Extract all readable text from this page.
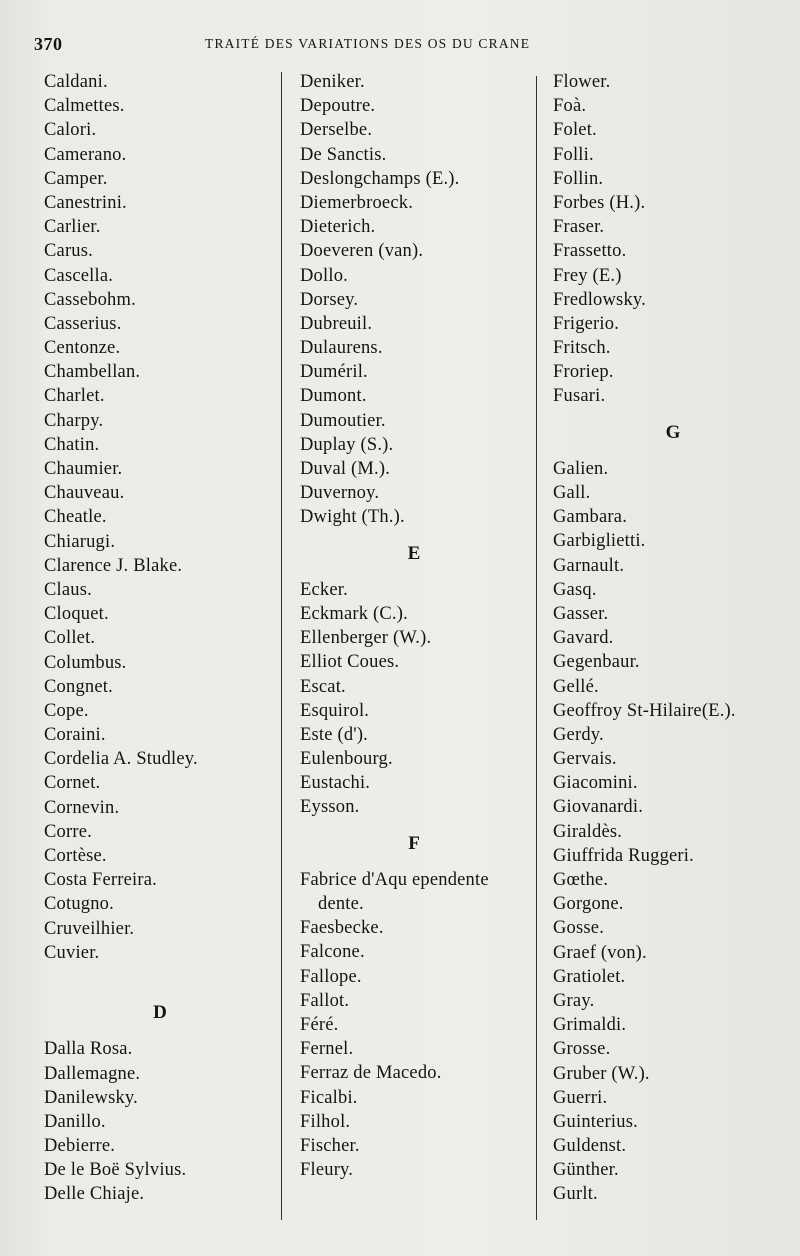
370	TRAITÉ DES VARIATIONS DES OS DU CRANE
Caldani.
Calmettes.
Calori.
Camerano.
Camper.
Canestrini.
Carlier.
Carus.
Cascella.
Cassebohm.
Casserius.
Centonze.
Chambellan.
Charlet.
Charpy.
Chatin.
Chaumier.
Chauveau.
Cheatle.
Chiarugi.
Clarence J. Blake.
Claus.
Cloquet.
Collet.
Columbus.
Congnet.
Cope.
Coraini.
Cordelia A. Studley.
Cornet.
Cornevin.
Corre.
Cortèse.
Costa Ferreira.
Cotugno.
Cruveilhier.
Cuvier.
D
Dalla Rosa.
Dallemagne.
Danilewsky.
Danillo.
Debierre.
De le Boë Sylvius.
Delle Chiaje.
Deniker.
Depoutre.
Derselbe.
De Sanctis.
Deslongchamps (E.).
Diemerbroeck.
Dieterich.
Doeveren (van).
Dollo.
Dorsey.
Dubreuil.
Dulaurens.
Duméril.
Dumont.
Dumoutier.
Duplay (S.).
Duval (M.).
Duvernoy.
Dwight (Th.).
E
Ecker.
Eckmark (C.).
Ellenberger (W.).
Elliot Coues.
Escat.
Esquirol.
Este (d').
Eulenbourg.
Eustachi.
Eysson.
F
Fabrice d'Aqu ependente
dente.
Faesbecke.
Falcone.
Fallope.
Fallot.
Féré.
Fernel.
Ferraz de Macedo.
Ficalbi.
Filhol.
Fischer.
Fleury.
Flower.
Foà.
Folet.
Folli.
Follin.
Forbes (H.).
Fraser.
Frassetto.
Frey (E.)
Fredlowsky.
Frigerio.
Fritsch.
Froriep.
Fusari.
G
Galien.
Gall.
Gambara.
Garbiglietti.
Garnault.
Gasq.
Gasser.
Gavard.
Gegenbaur.
Gellé.
Geoffroy St-Hilaire(E.).
Gerdy.
Gervais.
Giacomini.
Giovanardi.
Giraldès.
Giuffrida Ruggeri.
Gœthe.
Gorgone.
Gosse.
Graef (von).
Gratiolet.
Gray.
Grimaldi.
Grosse.
Gruber (W.).
Guerri.
Guinterius.
Guldenst.
Günther.
Gurlt.
